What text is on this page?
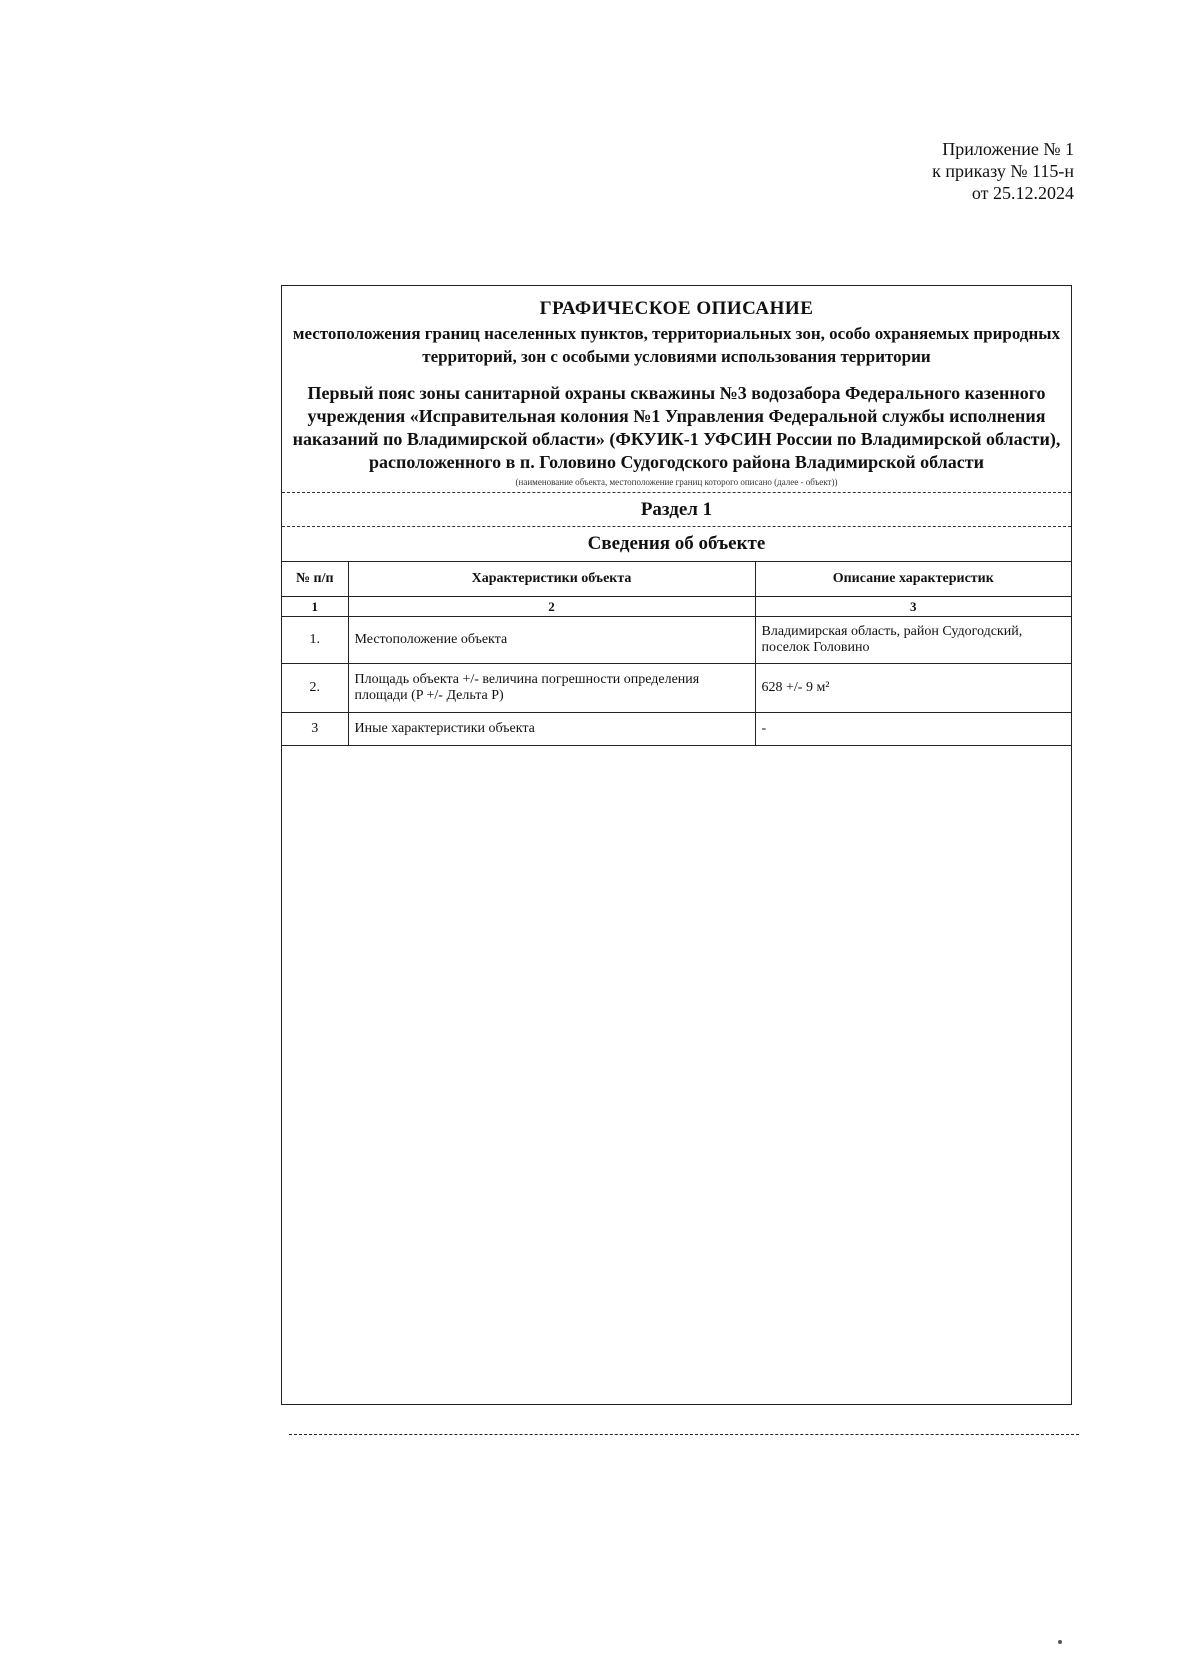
Приложение № 1
к приказу № 115-н
от 25.12.2024
ГРАФИЧЕСКОЕ ОПИСАНИЕ
местоположения границ населенных пунктов, территориальных зон, особо охраняемых природных территорий, зон с особыми условиями использования территории
Первый пояс зоны санитарной охраны скважины №3 водозабора Федерального казенного учреждения «Исправительная колония №1 Управления Федеральной службы исполнения наказаний по Владимирской области» (ФКУИК-1 УФСИН России по Владимирской области), расположенного в п. Головино Судогодского района Владимирской области
(наименование объекта, местоположение границ которого описано (далее - объект))
Раздел 1
Сведения об объекте
№ п/п	Характеристики объекта	Описание характеристик
1	2	3
1.	Местоположение объекта	Владимирская область, район Судогодский, поселок Головино
2.	Площадь объекта +/- величина погрешности определения площади (P +/- Дельта P)	628 +/- 9 м²
3	Иные характеристики объекта	-
